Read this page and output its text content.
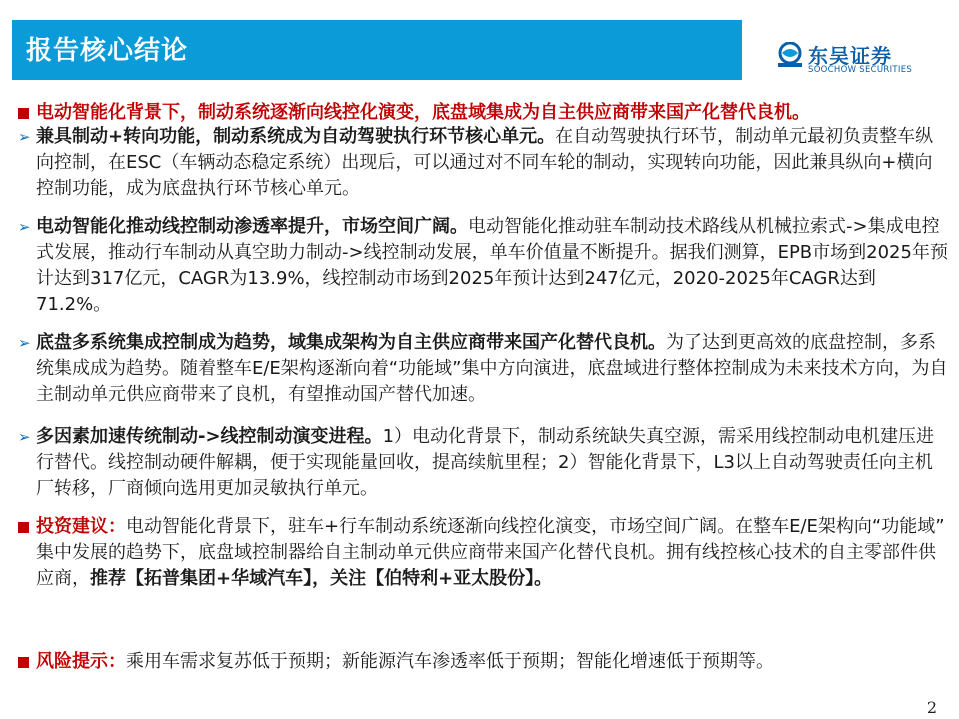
报告核心结论	东吴证券
SOOCHOW SECURITIES
电动智能化背景下，制动系统逐渐向线控化演变，底盘域集成为自主供应商带来国产化替代良机。
➢ 兼具制动+转向功能，制动系统成为自动驾驶执行环节核心单元。在自动驾驶执行环节，制动单元最初负责整车纵向控制，在ESC（车辆动态稳定系统）出现后，可以通过对不同车轮的制动，实现转向功能，因此兼具纵向+横向控制功能，成为底盘执行环节核心单元。
➢ 电动智能化推动线控制动渗透率提升，市场空间广阔。电动智能化推动驻车制动技术路线从机械拉索式->集成电控式发展，推动行车制动从真空助力制动->线控制动发展，单车价值量不断提升。据我们测算，EPB市场到2025年预计达到317亿元，CAGR为13.9%，线控制动市场到2025年预计达到247亿元，2020-2025年CAGR达到71.2%。
➢ 底盘多系统集成控制成为趋势，域集成架构为自主供应商带来国产化替代良机。为了达到更高效的底盘控制，多系统集成成为趋势。随着整车E/E架构逐渐向着“功能域”集中方向演进，底盘域进行整体控制成为未来技术方向，为自主制动单元供应商带来了良机，有望推动国产替代加速。
➢ 多因素加速传统制动->线控制动演变进程。1）电动化背景下，制动系统缺失真空源，需采用线控制动电机建压进行替代。线控制动硬件解耦，便于实现能量回收，提高续航里程；2）智能化背景下，L3以上自动驾驶责任向主机厂转移，厂商倾向选用更加灵敏执行单元。
投资建议：电动智能化背景下，驻车+行车制动系统逐渐向线控化演变，市场空间广阔。在整车E/E架构向“功能域” 集中发展的趋势下，底盘域控制器给自主制动单元供应商带来国产化替代良机。拥有线控核心技术的自主零部件供应商，推荐【拓普集团+华域汽车】，关注【伯特利+亚太股份】。
风险提示：乘用车需求复苏低于预期；新能源汽车渗透率低于预期；智能化增速低于预期等。
2
